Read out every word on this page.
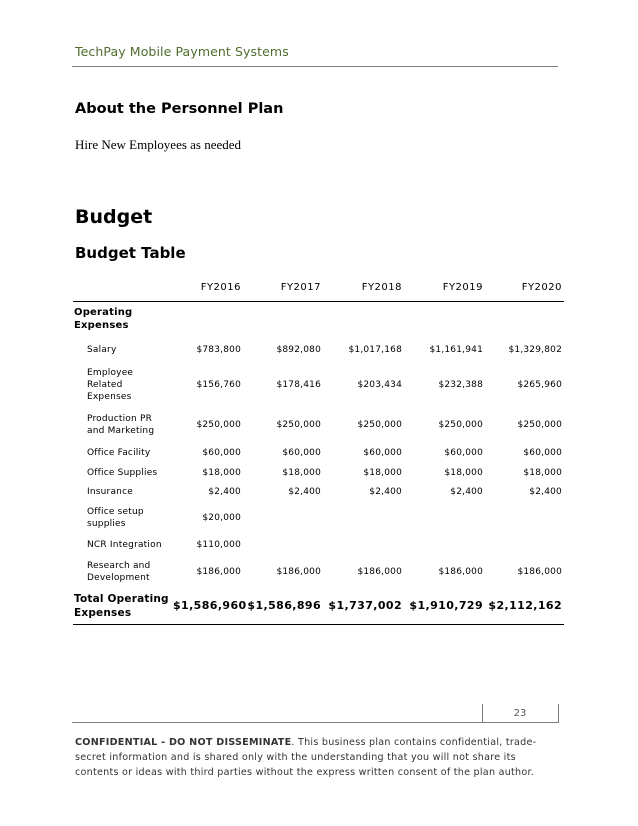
TechPay Mobile Payment Systems
About the Personnel Plan
Hire New Employees as needed
Budget
Budget Table
	FY2016	FY2017	FY2018	FY2019	FY2020
Operating Expenses					
Salary	$783,800	$892,080	$1,017,168	$1,161,941	$1,329,802
Employee Related Expenses	$156,760	$178,416	$203,434	$232,388	$265,960
Production PR and Marketing	$250,000	$250,000	$250,000	$250,000	$250,000
Office Facility	$60,000	$60,000	$60,000	$60,000	$60,000
Office Supplies	$18,000	$18,000	$18,000	$18,000	$18,000
Insurance	$2,400	$2,400	$2,400	$2,400	$2,400
Office setup supplies	$20,000				
NCR Integration	$110,000				
Research and Development	$186,000	$186,000	$186,000	$186,000	$186,000
Total Operating Expenses	$1,586,960	$1,586,896	$1,737,002	$1,910,729	$2,112,162
23
CONFIDENTIAL - DO NOT DISSEMINATE. This business plan contains confidential, trade-secret information and is shared only with the understanding that you will not share its contents or ideas with third parties without the express written consent of the plan author.
